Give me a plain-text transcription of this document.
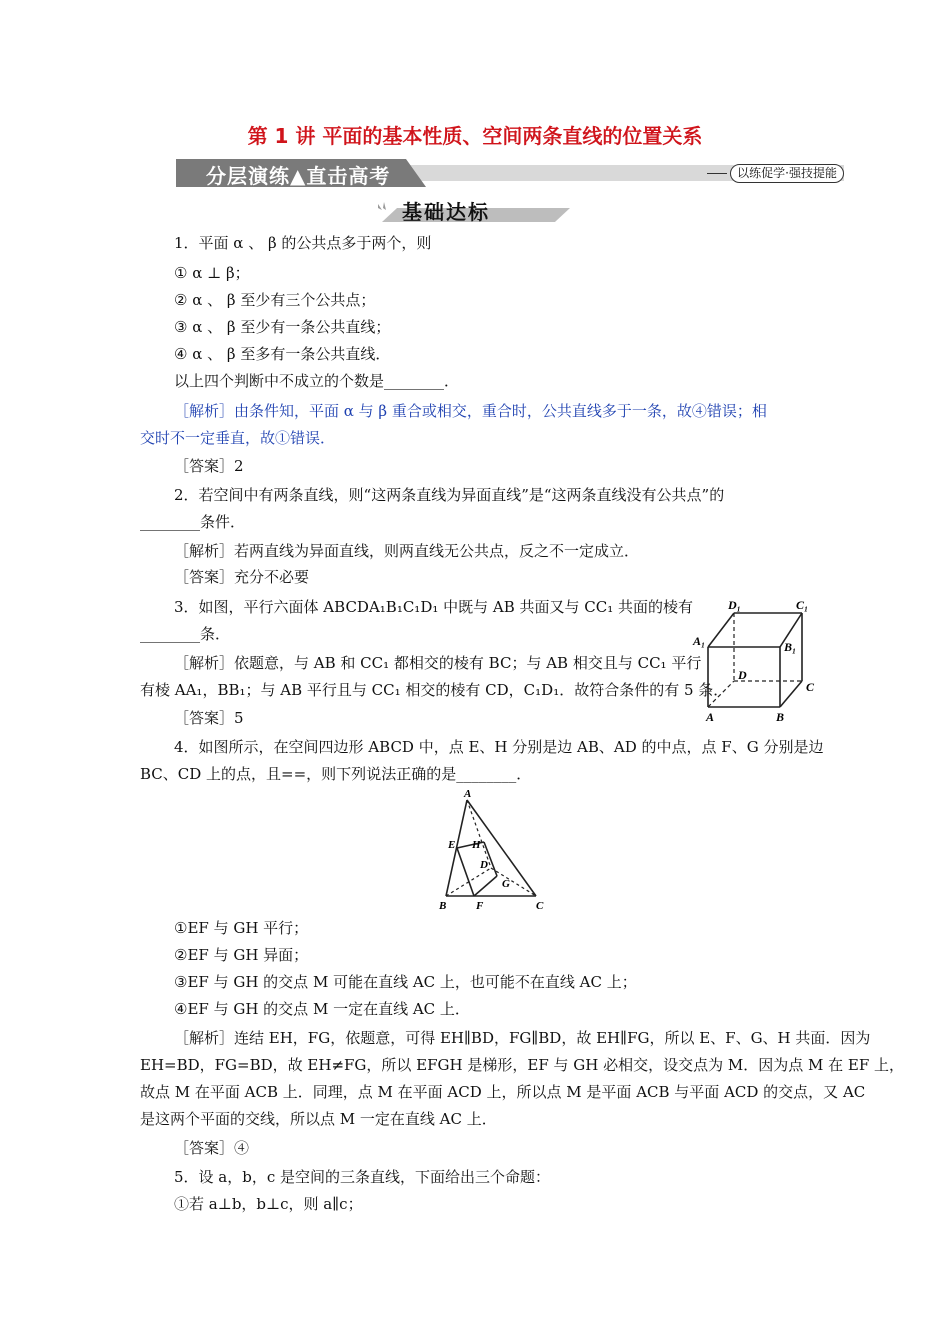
第 1 讲 平面的基本性质、空间两条直线的位置关系
分层演练▲直击高考	以练促学·强技提能
基础达标
1．平面 α 、 β 的公共点多于两个，则
① α ⊥ β；
② α 、 β 至少有三个公共点；
③ α 、 β 至少有一条公共直线；
④ α 、 β 至多有一条公共直线．
以上四个判断中不成立的个数是________．
［解析］由条件知，平面 α 与 β 重合或相交，重合时，公共直线多于一条，故④错误；相
交时不一定垂直，故①错误．
［答案］2
2．若空间中有两条直线，则“这两条直线为异面直线”是“这两条直线没有公共点”的
________条件．
［解析］若两直线为异面直线，则两直线无公共点，反之不一定成立．
［答案］充分不必要
3．如图，平行六面体 ABCDA₁B₁C₁D₁ 中既与 AB 共面又与 CC₁ 共面的棱有
________条．
［解析］依题意，与 AB 和 CC₁ 都相交的棱有 BC；与 AB 相交且与 CC₁ 平行
有棱 AA₁，BB₁；与 AB 平行且与 CC₁ 相交的棱有 CD，C₁D₁．故符合条件的有 5 条．
［答案］5
4．如图所示，在空间四边形 ABCD 中，点 E、H 分别是边 AB、AD 的中点，点 F、G 分别是边
BC、CD 上的点，且==，则下列说法正确的是________．
①EF 与 GH 平行；
②EF 与 GH 异面；
③EF 与 GH 的交点 M 可能在直线 AC 上，也可能不在直线 AC 上；
④EF 与 GH 的交点 M 一定在直线 AC 上．
［解析］连结 EH，FG，依题意，可得 EH∥BD，FG∥BD，故 EH∥FG，所以 E、F、G、H 共面．因为
EH=BD，FG=BD，故 EH≠FG，所以 EFGH 是梯形，EF 与 GH 必相交，设交点为 M．因为点 M 在 EF 上，
故点 M 在平面 ACB 上．同理，点 M 在平面 ACD 上，所以点 M 是平面 ACB 与平面 ACD 的交点，又 AC
是这两个平面的交线，所以点 M 一定在直线 AC 上．
［答案］④
5．设 a，b，c 是空间的三条直线，下面给出三个命题：
①若 a⊥b，b⊥c，则 a∥c；
D₁	C₁
A₁	B₁
D
C
A	B
A
E H
D
G
B	F	C
